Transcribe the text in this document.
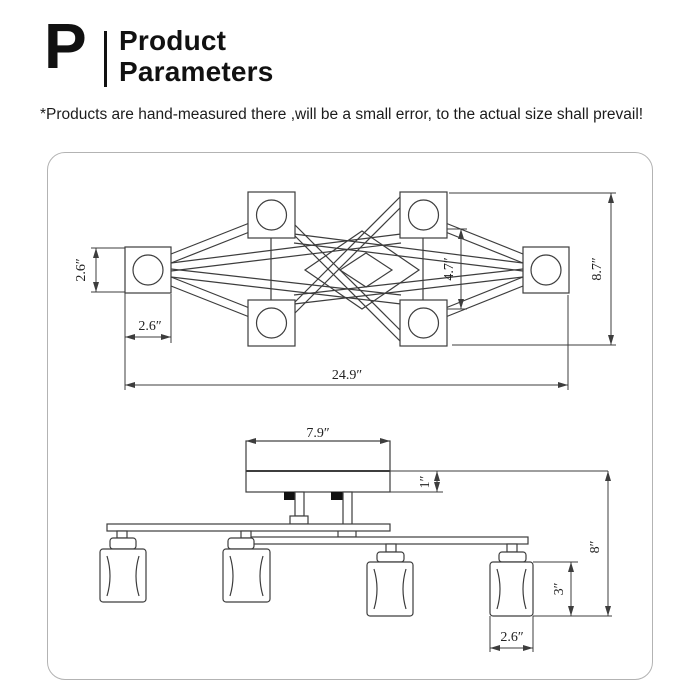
P Product
Parameters
*Products are hand-measured there ,will be a small error, to the actual size shall prevail!
2.6″
2.6″
4.7″	8.7″
24.9″
7.9″
1″
8″
3″
2.6″
